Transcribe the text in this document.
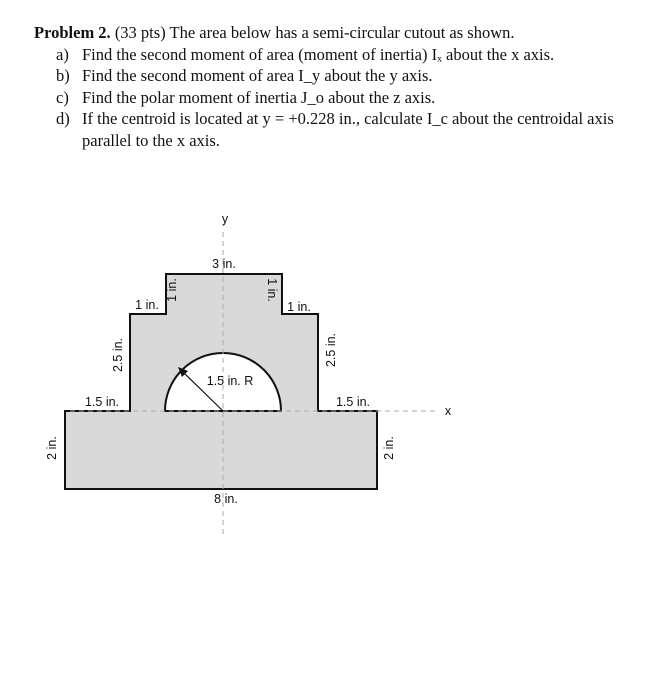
Problem 2. (33 pts) The area below has a semi-circular cutout as shown.

a) Find the second moment of area (moment of inertia) Iₓ about the x axis.
b) Find the second moment of area I_y about the y axis.
c) Find the polar moment of inertia J_o about the z axis.
d) If the centroid is located at y = +0.228 in., calculate I_c about the centroidal axis parallel to the x axis.
y
x
3 in.
1 in.	1 in.
1 in.	1 in.
2.5 in.	2.5 in.
1.5 in. R
1.5 in.	1.5 in.
2 in.	2 in.
8 in.
